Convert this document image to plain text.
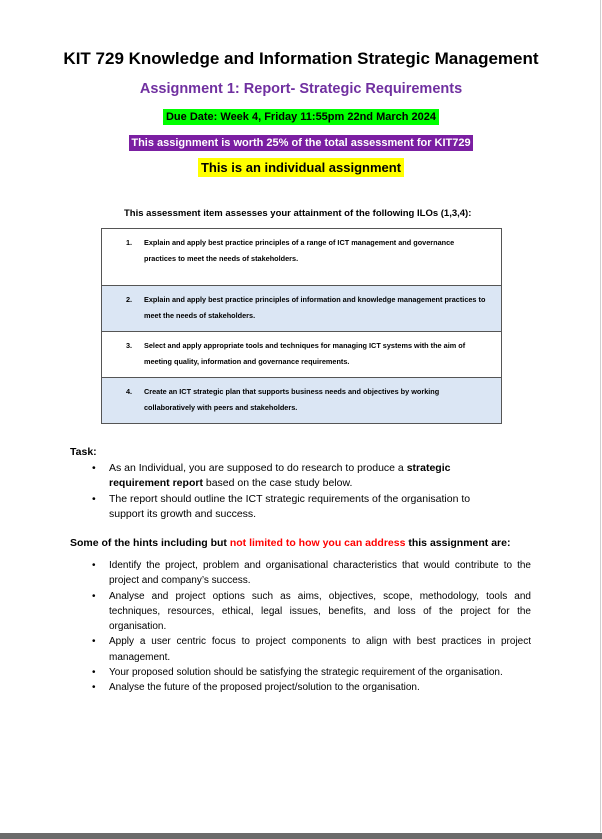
KIT 729 Knowledge and Information Strategic Management
Assignment 1: Report- Strategic Requirements
Due Date: Week 4, Friday 11:55pm 22nd March 2024
This assignment is worth 25% of the total assessment for KIT729
This is an individual assignment
This assessment item assesses your attainment of the following ILOs (1,3,4):
1. Explain and apply best practice principles of a range of ICT management and governance practices to meet the needs of stakeholders.
2. Explain and apply best practice principles of information and knowledge management practices to meet the needs of stakeholders.
3. Select and apply appropriate tools and techniques for managing ICT systems with the aim of meeting quality, information and governance requirements.
4. Create an ICT strategic plan that supports business needs and objectives by working collaboratively with peers and stakeholders.
Task:
• As an Individual, you are supposed to do research to produce a strategic requirement report based on the case study below.
• The report should outline the ICT strategic requirements of the organisation to support its growth and success.
Some of the hints including but not limited to how you can address this assignment are:
• Identify the project, problem and organisational characteristics that would contribute to the project and company’s success.
• Analyse and project options such as aims, objectives, scope, methodology, tools and techniques, resources, ethical, legal issues, benefits, and loss of the project for the organisation.
• Apply a user centric focus to project components to align with best practices in project management.
• Your proposed solution should be satisfying the strategic requirement of the organisation.
• Analyse the future of the proposed project/solution to the organisation.
